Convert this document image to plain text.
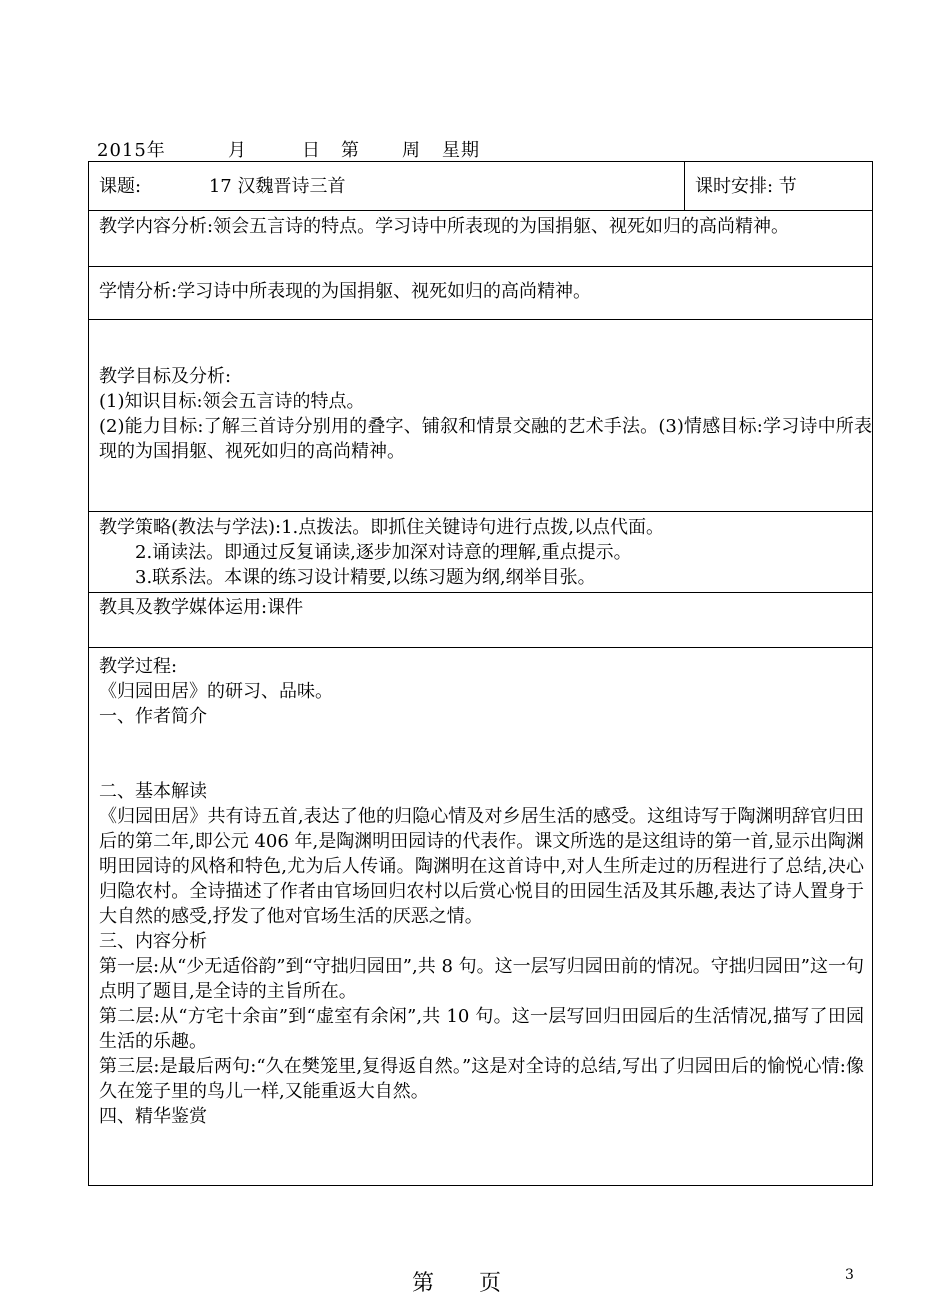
2015年	月	日 第 周 星期
课题:	17 汉魏晋诗三首	课时安排: 节

教学内容分析:领会五言诗的特点。学习诗中所表现的为国捐躯、视死如归的高尚精神。

学情分析:学习诗中所表现的为国捐躯、视死如归的高尚精神。

教学目标及分析:

(1)知识目标:领会五言诗的特点。

(2)能力目标:了解三首诗分别用的叠字、铺叙和情景交融的艺术手法。(3)情感目标:学习诗中所表现的为国捐躯、视死如归的高尚精神。

教学策略(教法与学法):1.点拨法。即抓住关键诗句进行点拨,以点代面。

2.诵读法。即通过反复诵读,逐步加深对诗意的理解,重点提示。

3.联系法。本课的练习设计精要,以练习题为纲,纲举目张。

教具及教学媒体运用:课件

教学过程:

《归园田居》的研习、品味。

一、作者简介

二、基本解读

《归园田居》共有诗五首,表达了他的归隐心情及对乡居生活的感受。这组诗写于陶渊明辞官归田后的第二年,即公元 406 年,是陶渊明田园诗的代表作。课文所选的是这组诗的第一首,显示出陶渊明田园诗的风格和特色,尤为后人传诵。陶渊明在这首诗中,对人生所走过的历程进行了总结,决心归隐农村。全诗描述了作者由官场回归农村以后赏心悦目的田园生活及其乐趣,表达了诗人置身于大自然的感受,抒发了他对官场生活的厌恶之情。

三、内容分析

第一层:从“少无适俗韵”到“守拙归园田”,共 8 句。这一层写归园田前的情况。守拙归园田”这一句点明了题目,是全诗的主旨所在。

第二层:从“方宅十余亩”到“虚室有余闲”,共 10 句。这一层写回归田园后的生活情况,描写了田园生活的乐趣。

第三层:是最后两句:“久在樊笼里,复得返自然。”这是对全诗的总结,写出了归园田后的愉悦心情:像久在笼子里的鸟儿一样,又能重返大自然。

四、精华鉴赏

第 页	3
